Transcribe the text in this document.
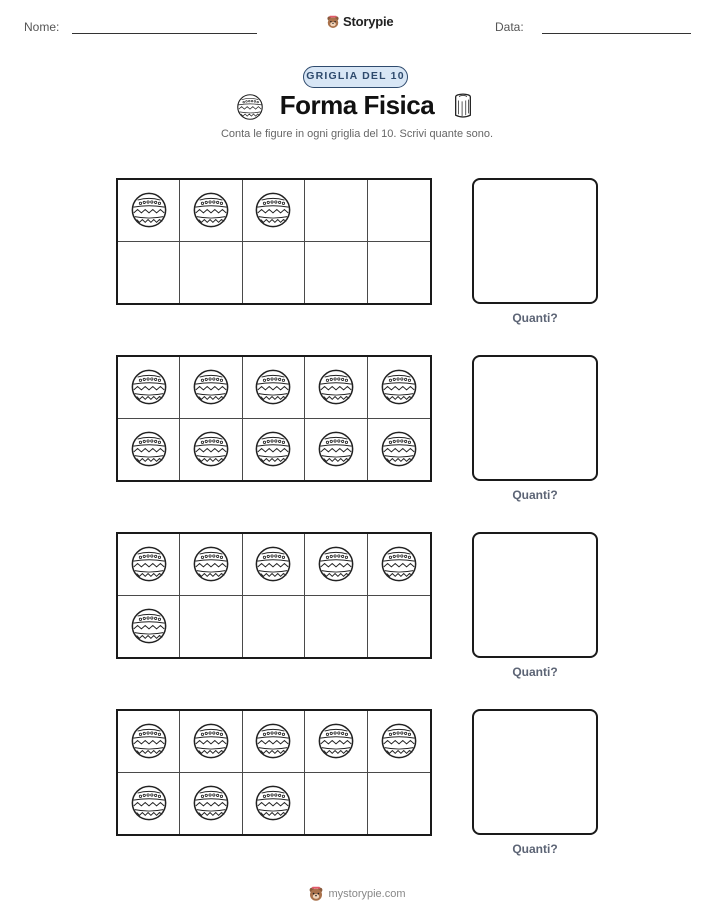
Nome:	Storypie	Data:
GRIGLIA DEL 10
Forma Fisica
Conta le figure in ogni griglia del 10. Scrivi quante sono.
Quanti?
Quanti?
Quanti?
Quanti?
mystorypie.com
